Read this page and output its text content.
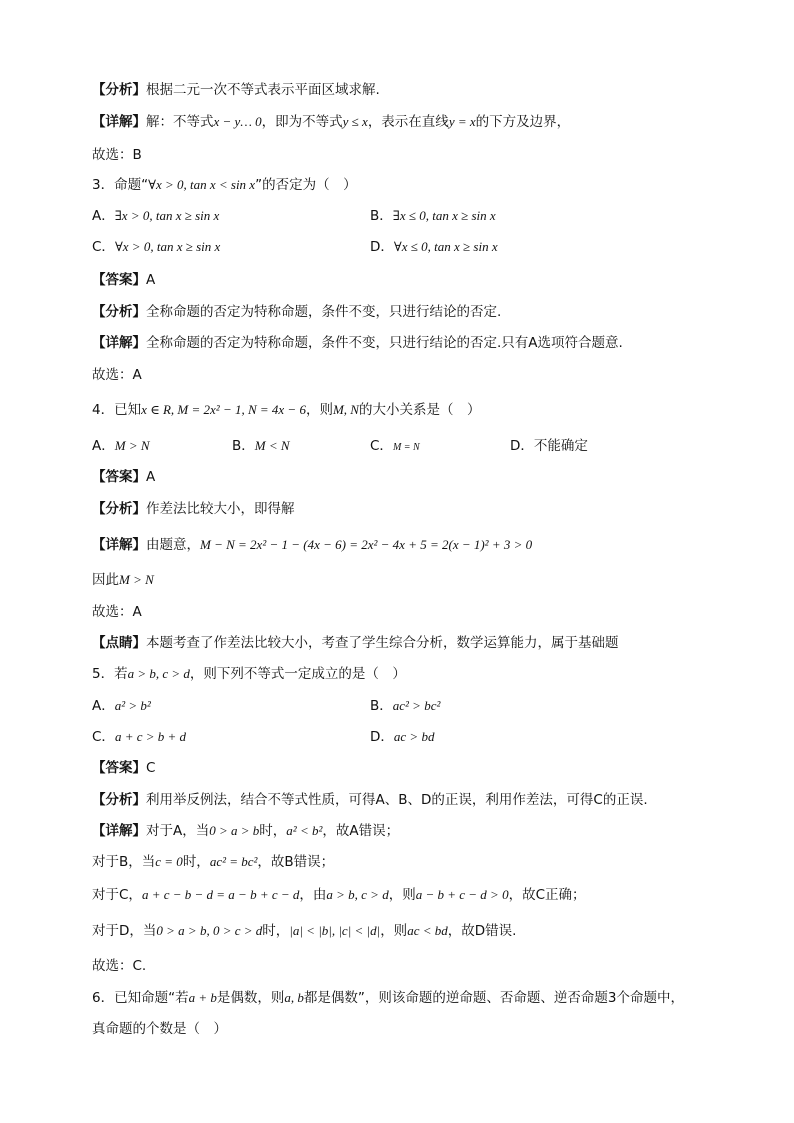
【分析】根据二元一次不等式表示平面区域求解.
【详解】解：不等式x − y… 0，即为不等式y ≤ x，表示在直线y = x的下方及边界，
故选：B
3．命题“∀x > 0, tan x < sin x”的否定为（　）
A．∃x > 0, tan x ≥ sin x	B．∃x ≤ 0, tan x ≥ sin x
C．∀x > 0, tan x ≥ sin x	D．∀x ≤ 0, tan x ≥ sin x
【答案】A
【分析】全称命题的否定为特称命题，条件不变，只进行结论的否定.
【详解】全称命题的否定为特称命题，条件不变，只进行结论的否定.只有A选项符合题意.
故选：A
4．已知x ∈ R, M = 2x² − 1, N = 4x − 6，则M, N的大小关系是（　）
A．M > N	B．M < N	C．M = N	D．不能确定
【答案】A
【分析】作差法比较大小，即得解
【详解】由题意，M − N = 2x² − 1 − (4x − 6) = 2x² − 4x + 5 = 2(x − 1)² + 3 > 0
因此M > N
故选：A
【点睛】本题考查了作差法比较大小，考查了学生综合分析，数学运算能力，属于基础题
5．若a > b, c > d，则下列不等式一定成立的是（　）
A．a² > b²	B．ac² > bc²
C．a + c > b + d	D．ac > bd
【答案】C
【分析】利用举反例法，结合不等式性质，可得A、B、D的正误，利用作差法，可得C的正误.
【详解】对于A，当0 > a > b时，a² < b²，故A错误；
对于B，当c = 0时，ac² = bc²，故B错误；
对于C，a + c − b − d = a − b + c − d，由a > b, c > d，则a − b + c − d > 0，故C正确；
对于D，当0 > a > b, 0 > c > d时，|a| < |b|, |c| < |d|，则ac < bd，故D错误.
故选：C.
6．已知命题“若a + b是偶数，则a, b都是偶数”，则该命题的逆命题、否命题、逆否命题3个命题中，
真命题的个数是（　）
